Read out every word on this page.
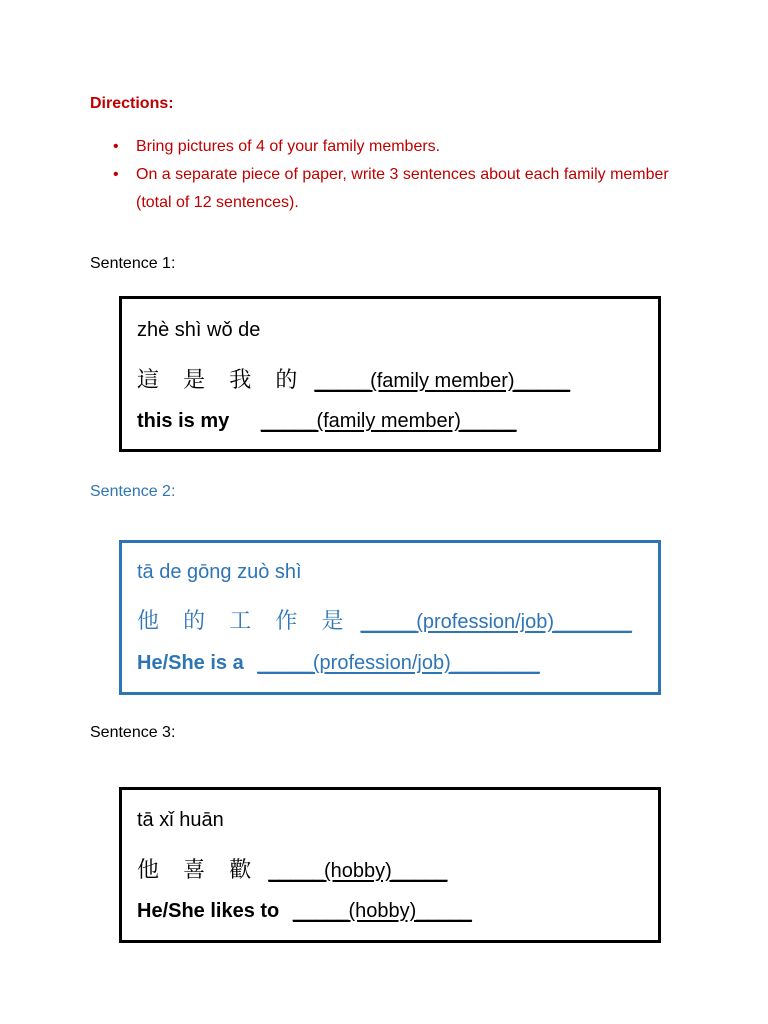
Directions:
• Bring pictures of 4 of your family members.
• On a separate piece of paper, write 3 sentences about each family member (total of 12 sentences).
Sentence 1:
zhè shì wǒ de
這 是 我 的 _____(family member)_____
this is my _____(family member)_____
Sentence 2:
tā de gōng zuò shì
他 的 工 作 是 _____(profession/job)_______
He/She is a _____(profession/job)________
Sentence 3:
tā xǐ huān
他 喜 歡 _____(hobby)_____
He/She likes to _____(hobby)_____
